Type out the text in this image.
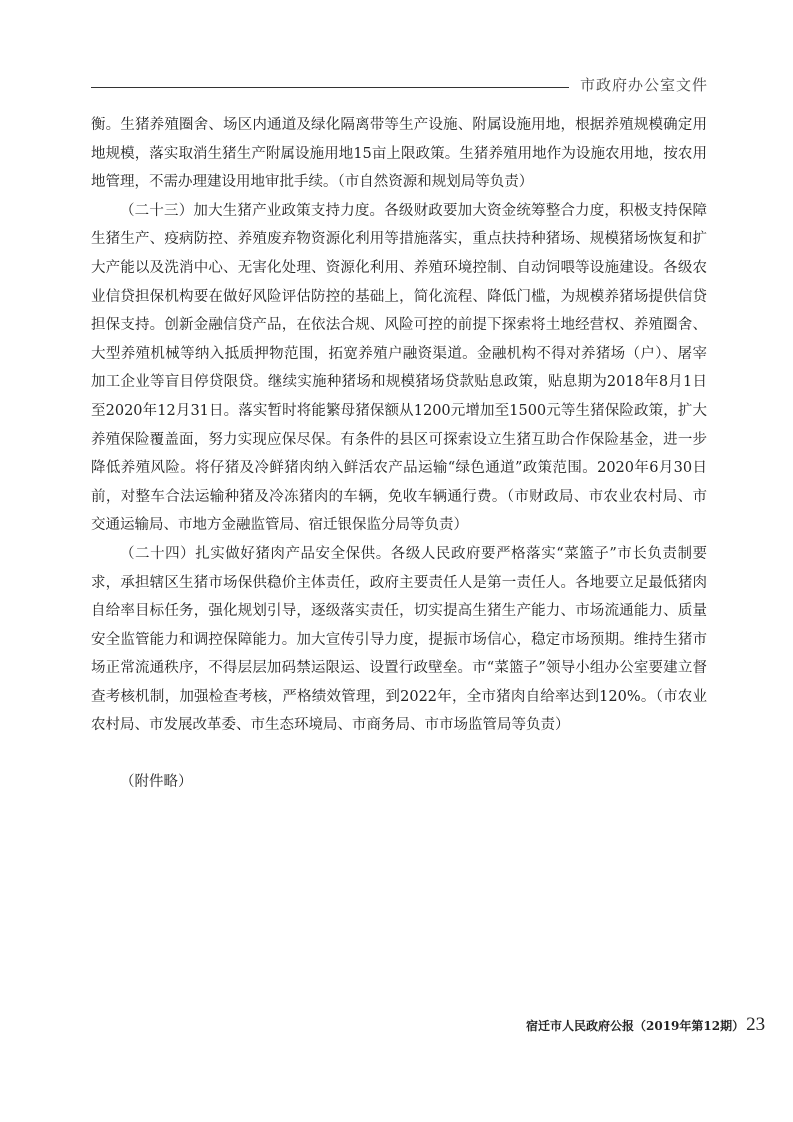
市政府办公室文件

衡。生猪养殖圈舍、场区内通道及绿化隔离带等生产设施、附属设施用地，根据养殖规模确定用地规模，落实取消生猪生产附属设施用地15亩上限政策。生猪养殖用地作为设施农用地，按农用地管理，不需办理建设用地审批手续。（市自然资源和规划局等负责）

（二十三）加大生猪产业政策支持力度。各级财政要加大资金统筹整合力度，积极支持保障生猪生产、疫病防控、养殖废弃物资源化利用等措施落实，重点扶持种猪场、规模猪场恢复和扩大产能以及洗消中心、无害化处理、资源化利用、养殖环境控制、自动饲喂等设施建设。各级农业信贷担保机构要在做好风险评估防控的基础上，简化流程、降低门槛，为规模养猪场提供信贷担保支持。创新金融信贷产品，在依法合规、风险可控的前提下探索将土地经营权、养殖圈舍、大型养殖机械等纳入抵质押物范围，拓宽养殖户融资渠道。金融机构不得对养猪场（户）、屠宰加工企业等盲目停贷限贷。继续实施种猪场和规模猪场贷款贴息政策，贴息期为2018年8月1日至2020年12月31日。落实暂时将能繁母猪保额从1200元增加至1500元等生猪保险政策，扩大养殖保险覆盖面，努力实现应保尽保。有条件的县区可探索设立生猪互助合作保险基金，进一步降低养殖风险。将仔猪及冷鲜猪肉纳入鲜活农产品运输“绿色通道”政策范围。2020年6月30日前，对整车合法运输种猪及冷冻猪肉的车辆，免收车辆通行费。（市财政局、市农业农村局、市交通运输局、市地方金融监管局、宿迁银保监分局等负责）

（二十四）扎实做好猪肉产品安全保供。各级人民政府要严格落实“菜篮子”市长负责制要求，承担辖区生猪市场保供稳价主体责任，政府主要责任人是第一责任人。各地要立足最低猪肉自给率目标任务，强化规划引导，逐级落实责任，切实提高生猪生产能力、市场流通能力、质量安全监管能力和调控保障能力。加大宣传引导力度，提振市场信心，稳定市场预期。维持生猪市场正常流通秩序，不得层层加码禁运限运、设置行政壁垒。市“菜篮子”领导小组办公室要建立督查考核机制，加强检查考核，严格绩效管理，到2022年，全市猪肉自给率达到120%。（市农业农村局、市发展改革委、市生态环境局、市商务局、市市场监管局等负责）

（附件略）

宿迁市人民政府公报（2019年第12期） 23
